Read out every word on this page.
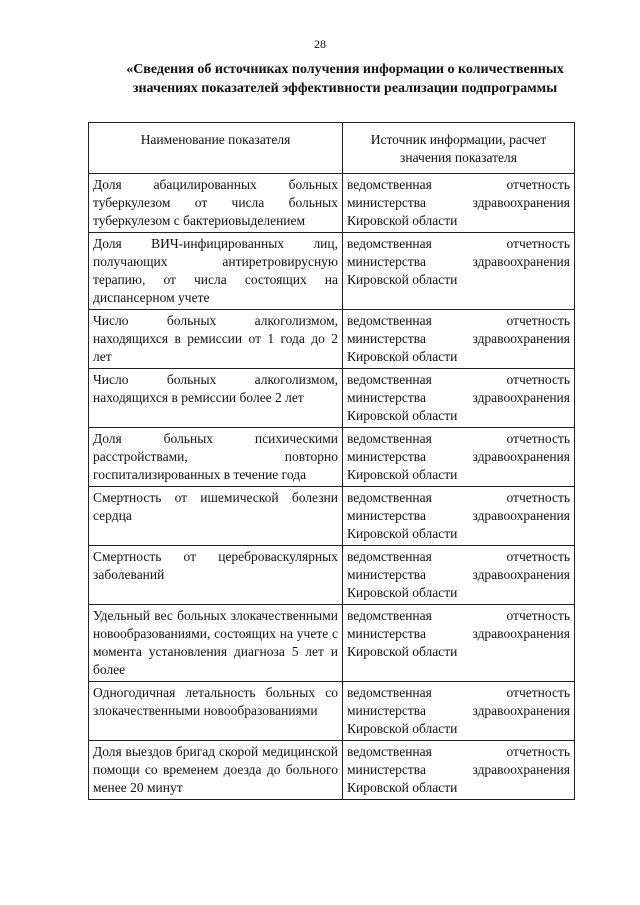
28
«Сведения об источниках получения информации о количественных
значениях показателей эффективности реализации подпрограммы
Наименование показателя	Источник информации, расчет значения показателя
Доля абацилированных больных туберкулезом от числа больных туберкулезом с бактериовыделением	ведомственная отчетность министерства здравоохранения Кировской области
Доля ВИЧ-инфицированных лиц, получающих антиретровирусную терапию, от числа состоящих на диспансерном учете	ведомственная отчетность министерства здравоохранения Кировской области
Число больных алкоголизмом, находящихся в ремиссии от 1 года до 2 лет	ведомственная отчетность министерства здравоохранения Кировской области
Число больных алкоголизмом, находящихся в ремиссии более 2 лет	ведомственная отчетность министерства здравоохранения Кировской области
Доля больных психическими расстройствами, повторно госпитализированных в течение года	ведомственная отчетность министерства здравоохранения Кировской области
Смертность от ишемической болезни сердца	ведомственная отчетность министерства здравоохранения Кировской области
Смертность от цереброваскулярных заболеваний	ведомственная отчетность министерства здравоохранения Кировской области
Удельный вес больных злокачественными новообразованиями, состоящих на учете с момента установления диагноза 5 лет и более	ведомственная отчетность министерства здравоохранения Кировской области
Одногодичная летальность больных со злокачественными новообразованиями	ведомственная отчетность министерства здравоохранения Кировской области
Доля выездов бригад скорой медицинской помощи со временем доезда до больного менее 20 минут	ведомственная отчетность министерства здравоохранения Кировской области
